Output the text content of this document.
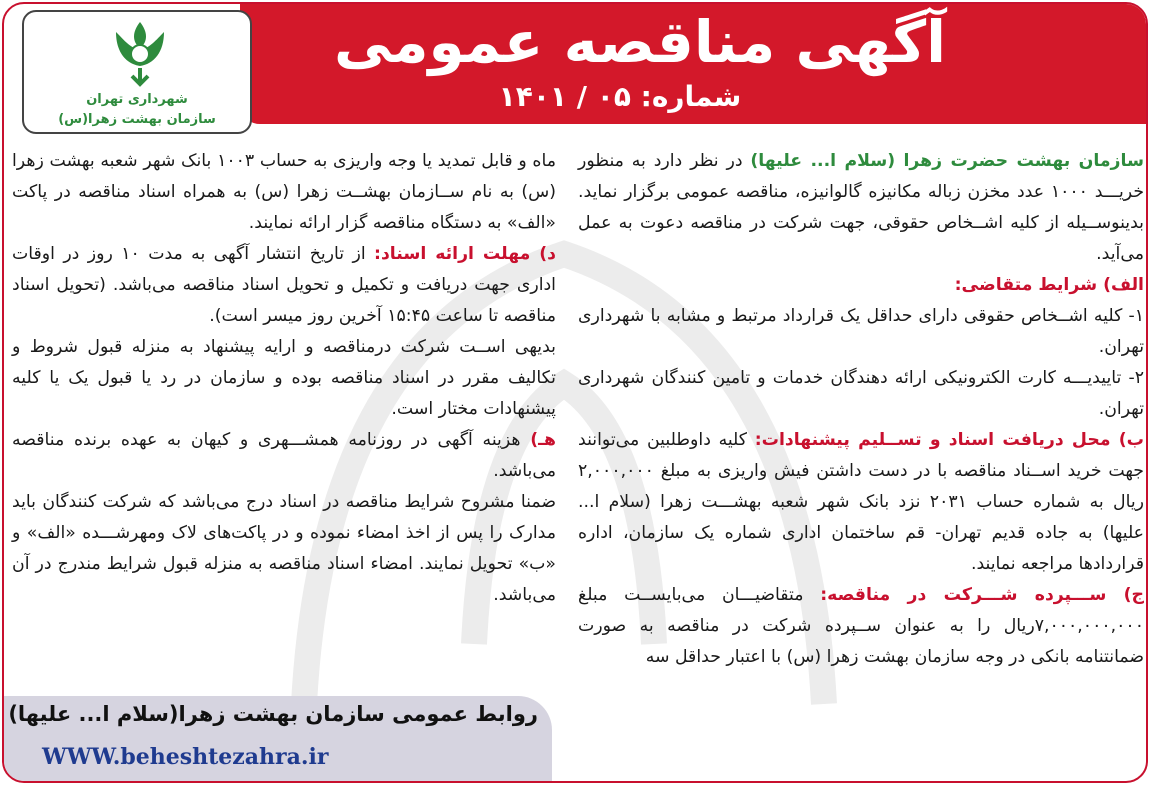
آگهی مناقصه عمومی
شماره: ۰۵ / ۱۴۰۱
شهرداری تهران
سازمان بهشت زهرا(س)

سازمان بهشت حضرت زهرا (سلام ا... علیها) در نظر دارد به منظور خریـــد ۱۰۰۰ عدد مخزن زباله مکانیزه گالوانیزه، مناقصه عمومی برگزار نماید. بدینوســیله از کلیه اشــخاص حقوقی، جهت شرکت در مناقصه دعوت به عمل می‌آید.

الف) شرایط متقاضی:

۱- کلیه اشــخاص حقوقی دارای حداقل یک قرارداد مرتبط و مشابه با شهرداری تهران.

۲- تاییدیـــه کارت الکترونیکی ارائه دهندگان خدمات و تامین کنندگان شهرداری تهران.

ب) محل دریافت اسناد و تســلیم پیشنهادات: کلیه داوطلبین می‌توانند جهت خرید اســناد مناقصه با در دست داشتن فیش واریزی به مبلغ ۲,۰۰۰,۰۰۰ ریال به شماره حساب ۲۰۳۱ نزد بانک شهر شعبه بهشـــت زهرا (سلام ا... علیها) به جاده قدیم تهران- قم ساختمان اداری شماره یک سازمان، اداره قراردادها مراجعه نمایند.

ج) ســـپرده شـــرکت در مناقصه: متقاضیـــان می‌بایســت مبلغ ۷,۰۰۰,۰۰۰,۰۰۰ریال را به عنوان ســپرده شرکت در مناقصه به صورت ضمانتنامه بانکی در وجه سازمان بهشت زهرا (س) با اعتبار حداقل سه

ماه و قابل تمدید یا وجه واریزی به حساب ۱۰۰۳ بانک شهر شعبه بهشت زهرا (س) به نام ســازمان بهشــت زهرا (س) به همراه اسناد مناقصه در پاکت «الف» به دستگاه مناقصه گزار ارائه نمایند.

د) مهلت ارائه اسناد: از تاریخ انتشار آگهی به مدت ۱۰ روز در اوقات اداری جهت دریافت و تکمیل و تحویل اسناد مناقصه می‌باشد. (تحویل اسناد مناقصه تا ساعت ۱۵:۴۵ آخرین روز میسر است).

بدیهی اســت شرکت درمناقصه و ارایه پیشنهاد به منزله قبول شروط و تکالیف مقرر در اسناد مناقصه بوده و سازمان در رد یا قبول یک یا کلیه پیشنهادات مختار است.

هـ) هزینه آگهی در روزنامه همشـــهری و کیهان به عهده برنده مناقصه می‌باشد.

ضمنا مشروح شرایط مناقصه در اسناد درج می‌باشد که شرکت کنندگان باید مدارک را پس از اخذ امضاء نموده و در پاکت‌های لاک ومهرشـــده «الف» و «ب» تحویل نمایند. امضاء اسناد مناقصه به منزله قبول شرایط مندرج در آن می‌باشد.

روابط عمومی سازمان بهشت زهرا(سلام ا... علیها)
WWW.beheshtezahra.ir
